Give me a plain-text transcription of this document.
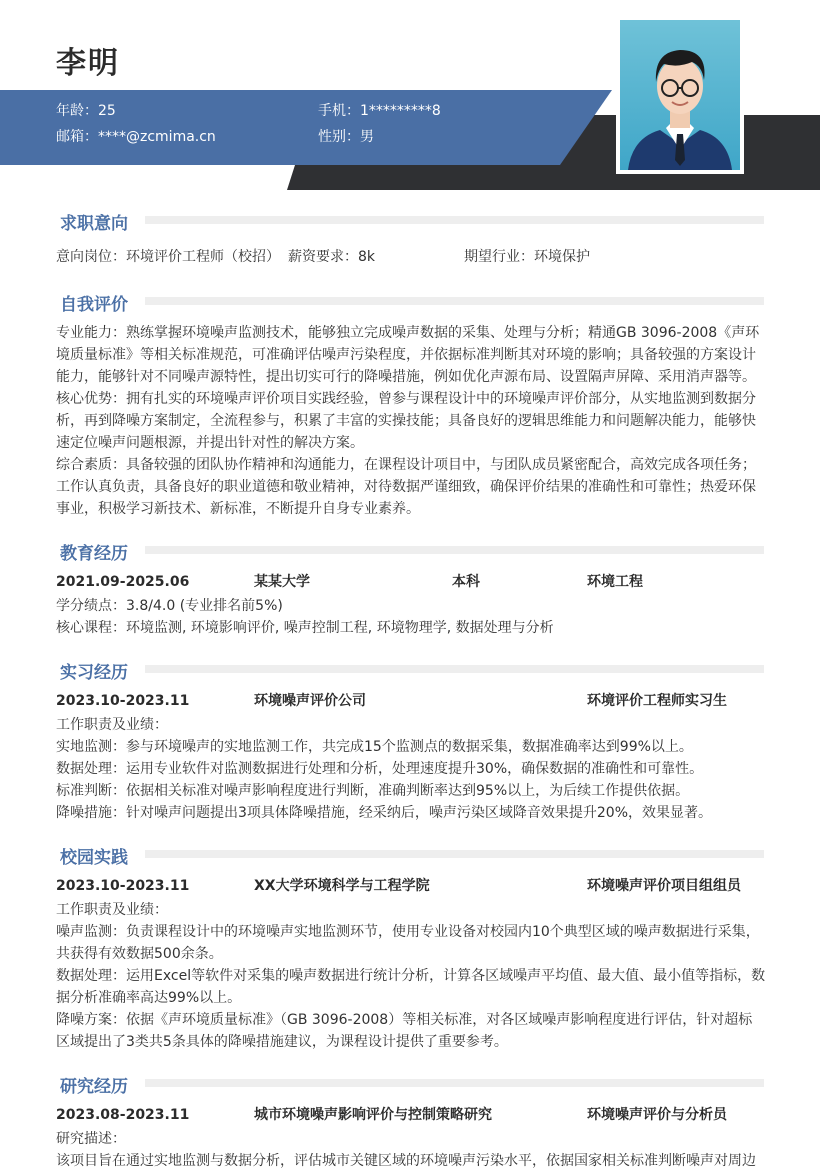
李明
年龄：25	手机：1*********8
邮箱：****@zcmima.cn	性别：男
求职意向
意向岗位：环境评价工程师（校招） 薪资要求：8k	期望行业：环境保护
自我评价
专业能力：熟练掌握环境噪声监测技术，能够独立完成噪声数据的采集、处理与分析；精通GB 3096-2008《声环
境质量标准》等相关标准规范，可准确评估噪声污染程度，并依据标准判断其对环境的影响；具备较强的方案设计
能力，能够针对不同噪声源特性，提出切实可行的降噪措施，例如优化声源布局、设置隔声屏障、采用消声器等。
核心优势：拥有扎实的环境噪声评价项目实践经验，曾参与课程设计中的环境噪声评价部分，从实地监测到数据分
析，再到降噪方案制定，全流程参与，积累了丰富的实操技能；具备良好的逻辑思维能力和问题解决能力，能够快
速定位噪声问题根源，并提出针对性的解决方案。
综合素质：具备较强的团队协作精神和沟通能力，在课程设计项目中，与团队成员紧密配合，高效完成各项任务；
工作认真负责，具备良好的职业道德和敬业精神，对待数据严谨细致，确保评价结果的准确性和可靠性；热爱环保
事业，积极学习新技术、新标准，不断提升自身专业素养。
教育经历
2021.09-2025.06	某某大学	本科	环境工程
学分绩点：3.8/4.0 (专业排名前5%)
核心课程：环境监测, 环境影响评价, 噪声控制工程, 环境物理学, 数据处理与分析
实习经历
2023.10-2023.11	环境噪声评价公司	环境评价工程师实习生
工作职责及业绩：
实地监测：参与环境噪声的实地监测工作，共完成15个监测点的数据采集，数据准确率达到99%以上。
数据处理：运用专业软件对监测数据进行处理和分析，处理速度提升30%，确保数据的准确性和可靠性。
标准判断：依据相关标准对噪声影响程度进行判断，准确判断率达到95%以上，为后续工作提供依据。
降噪措施：针对噪声问题提出3项具体降噪措施，经采纳后，噪声污染区域降音效果提升20%，效果显著。
校园实践
2023.10-2023.11	XX大学环境科学与工程学院	环境噪声评价项目组组员
工作职责及业绩：
噪声监测：负责课程设计中的环境噪声实地监测环节，使用专业设备对校园内10个典型区域的噪声数据进行采集，
共获得有效数据500余条。
数据处理：运用Excel等软件对采集的噪声数据进行统计分析，计算各区域噪声平均值、最大值、最小值等指标，数
据分析准确率高达99%以上。
降噪方案：依据《声环境质量标准》（GB 3096-2008）等相关标准，对各区域噪声影响程度进行评估，针对超标
区域提出了3类共5条具体的降噪措施建议，为课程设计提供了重要参考。
研究经历
2023.08-2023.11	城市环境噪声影响评价与控制策略研究	环境噪声评价与分析员
研究描述：
该项目旨在通过实地监测与数据分析，评估城市关键区域的环境噪声污染水平，依据国家相关标准判断噪声对周边
